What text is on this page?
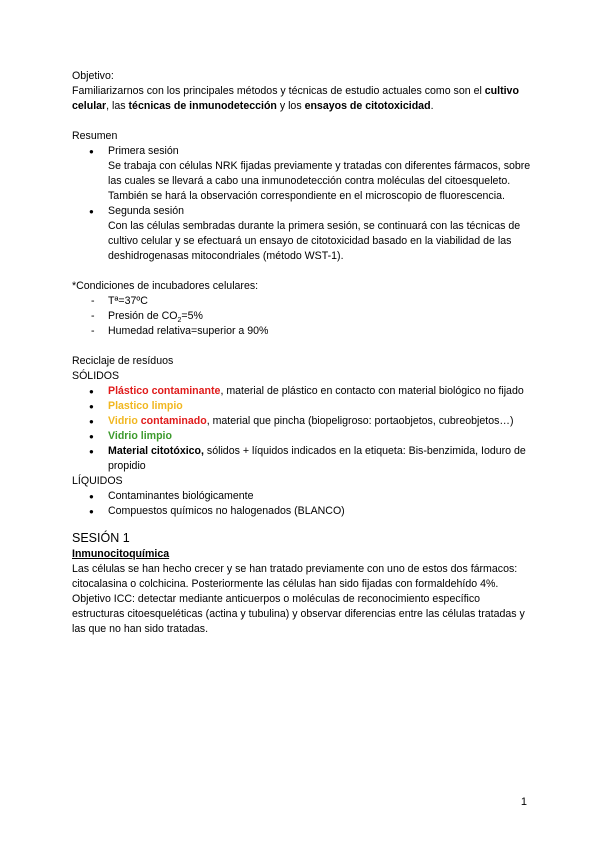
Objetivo:

Familiarizarnos con los principales métodos y técnicas de estudio actuales como son el cultivo celular, las técnicas de inmunodetección y los ensayos de citotoxicidad.

Resumen

● Primera sesión
Se trabaja con células NRK fijadas previamente y tratadas con diferentes fármacos, sobre las cuales se llevará a cabo una inmunodetección contra moléculas del citoesqueleto. También se hará la observación correspondiente en el microscopio de fluorescencia.
● Segunda sesión
Con las células sembradas durante la primera sesión, se continuará con las técnicas de cultivo celular y se efectuará un ensayo de citotoxicidad basado en la viabilidad de las deshidrogenasas mitocondriales (método WST-1).

*Condiciones de incubadores celulares:

- Tª=37ºC
- Presión de $CO_2=5\%$
- Humedad relativa=superior a 90%

Reciclaje de resíduos

SÓLIDOS

● Plástico contaminante, material de plástico en contacto con material biológico no fijado
● Plastico limpio
● Vidrio contaminado, material que pincha (biopeligroso: portaobjetos, cubreobjetos…)
● Vidrio limpio
● Material citotóxico, sólidos + líquidos indicados en la etiqueta: Bis-benzimida, Ioduro de propidio

LÍQUIDOS

● Contaminantes biológicamente
● Compuestos químicos no halogenados (BLANCO)

SESIÓN 1

Inmunocitoquímica

Las células se han hecho crecer y se han tratado previamente con uno de estos dos fármacos: citocalasina o colchicina. Posteriormente las células han sido fijadas con formaldehído 4%.

Objetivo ICC: detectar mediante anticuerpos o moléculas de reconocimiento específico estructuras citoesqueléticas (actina y tubulina) y observar diferencias entre las células tratadas y las que no han sido tratadas.

1
